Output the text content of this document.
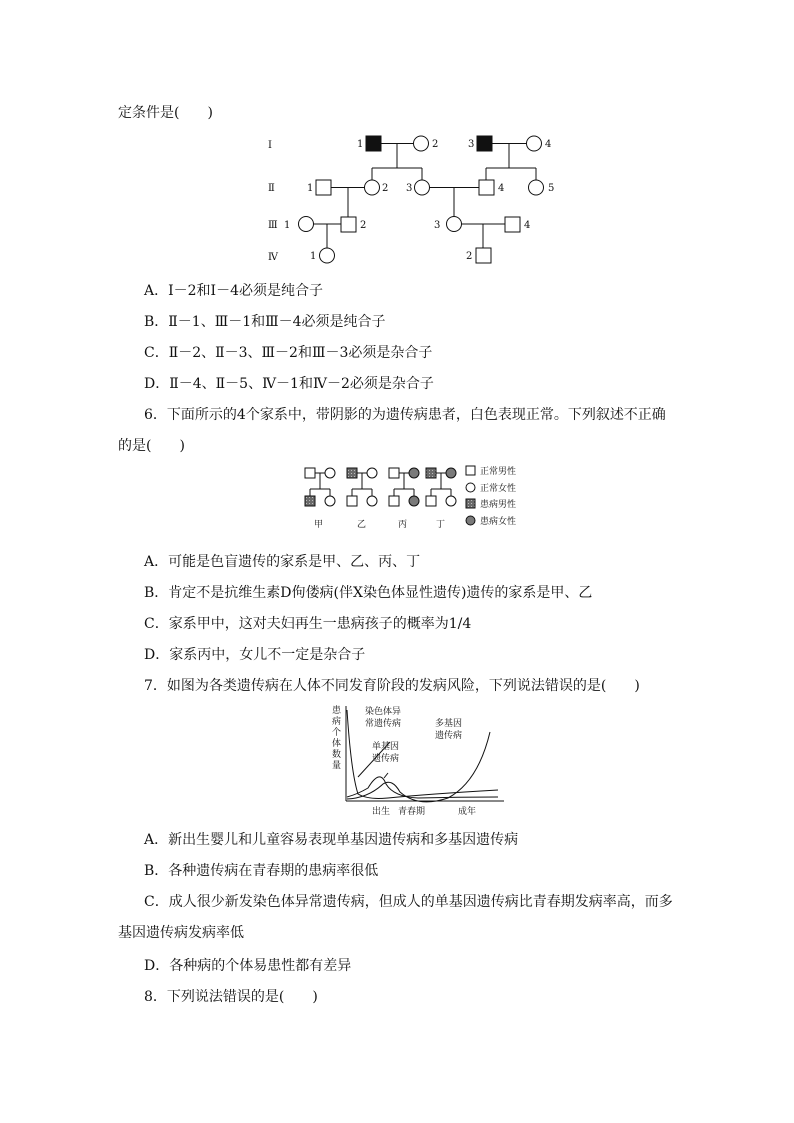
定条件是(　　)
Ⅰ
Ⅱ
Ⅲ
Ⅳ
1	2	3	4
1	2 3	4	5
1	2	3	4
1	2
A．Ⅰ－2和Ⅰ－4必须是纯合子
B．Ⅱ－1、Ⅲ－1和Ⅲ－4必须是纯合子
C．Ⅱ－2、Ⅱ－3、Ⅲ－2和Ⅲ－3必须是杂合子
D．Ⅱ－4、Ⅱ－5、Ⅳ－1和Ⅳ－2必须是杂合子
6．下面所示的4个家系中，带阴影的为遗传病患者，白色表现正常。下列叙述不正确
的是(　　)
正常男性
正常女性
患病男性
患病女性
甲	乙	丙	丁
A．可能是色盲遗传的家系是甲、乙、丙、丁
B．肯定不是抗维生素D佝偻病(伴X染色体显性遗传)遗传的家系是甲、乙
C．家系甲中，这对夫妇再生一患病孩子的概率为1/4
D．家系丙中，女儿不一定是杂合子
7．如图为各类遗传病在人体不同发育阶段的发病风险，下列说法错误的是(　　)
患病个体数量
染色体异
常遗传病
单基因
遗传病
多基因
遗传病
出生 青春期	成年
A．新出生婴儿和儿童容易表现单基因遗传病和多基因遗传病
B．各种遗传病在青春期的患病率很低
C．成人很少新发染色体异常遗传病，但成人的单基因遗传病比青春期发病率高，而多
基因遗传病发病率低
D．各种病的个体易患性都有差异
8．下列说法错误的是(　　)
